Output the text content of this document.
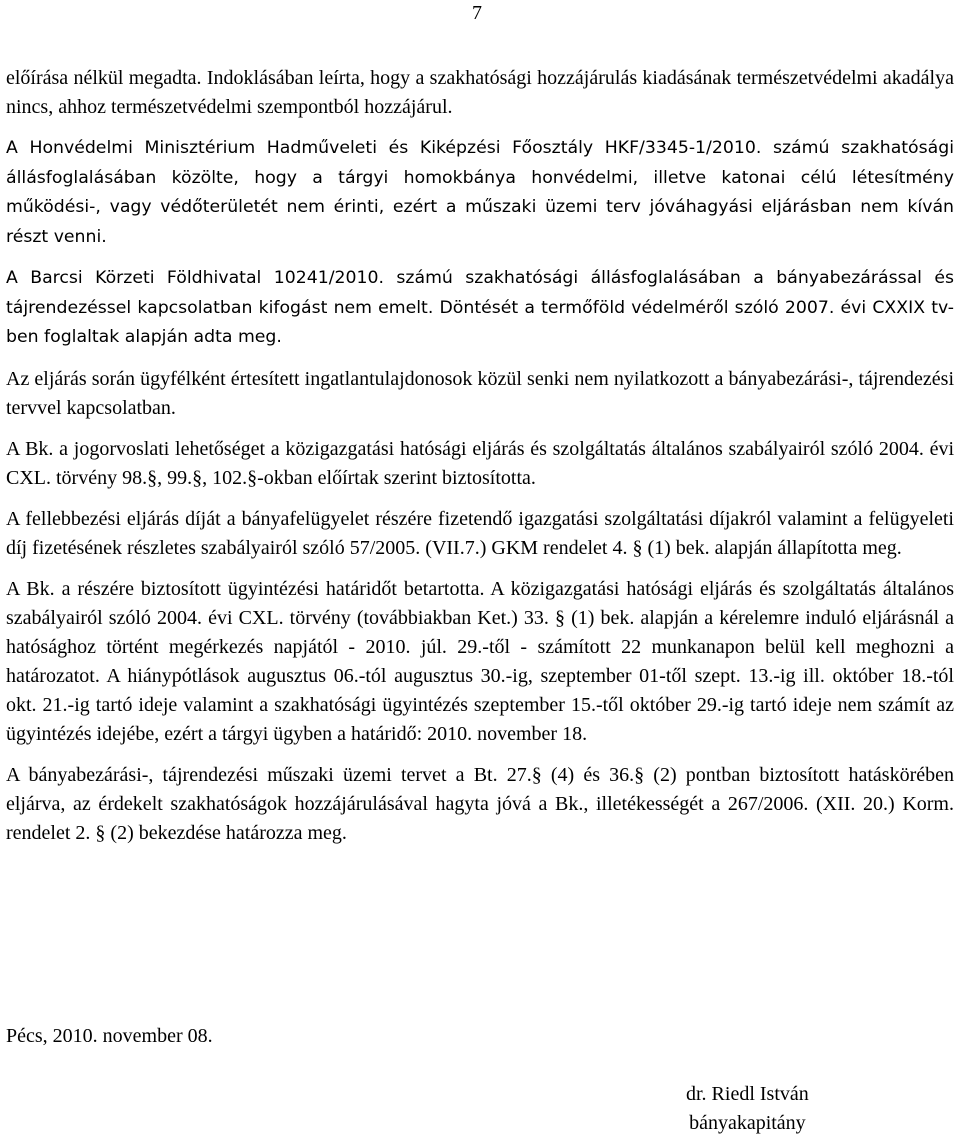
7

előírása nélkül megadta. Indoklásában leírta, hogy a szakhatósági hozzájárulás kiadásának természetvédelmi akadálya nincs, ahhoz természetvédelmi szempontból hozzájárul.

A Honvédelmi Minisztérium Hadműveleti és Kiképzési Főosztály HKF/3345-1/2010. számú szakhatósági állásfoglalásában közölte, hogy a tárgyi homokbánya honvédelmi, illetve katonai célú létesítmény működési-, vagy védőterületét nem érinti, ezért a műszaki üzemi terv jóváhagyási eljárásban nem kíván részt venni.

A Barcsi Körzeti Földhivatal 10241/2010. számú szakhatósági állásfoglalásában a bányabezárással és tájrendezéssel kapcsolatban kifogást nem emelt. Döntését a termőföld védelméről szóló 2007. évi CXXIX tv-ben foglaltak alapján adta meg.

Az eljárás során ügyfélként értesített ingatlantulajdonosok közül senki nem nyilatkozott a bányabezárási-, tájrendezési tervvel kapcsolatban.

A Bk. a jogorvoslati lehetőséget a közigazgatási hatósági eljárás és szolgáltatás általános szabályairól szóló 2004. évi CXL. törvény 98.§, 99.§, 102.§-okban előírtak szerint biztosította.

A fellebbezési eljárás díját a bányafelügyelet részére fizetendő igazgatási szolgáltatási díjakról valamint a felügyeleti díj fizetésének részletes szabályairól szóló 57/2005. (VII.7.) GKM rendelet 4. § (1) bek. alapján állapította meg.

A Bk. a részére biztosított ügyintézési határidőt betartotta. A közigazgatási hatósági eljárás és szolgáltatás általános szabályairól szóló 2004. évi CXL. törvény (továbbiakban Ket.) 33. § (1) bek. alapján a kérelemre induló eljárásnál a hatósághoz történt megérkezés napjától - 2010. júl. 29.-től - számított 22 munkanapon belül kell meghozni a határozatot. A hiánypótlások augusztus 06.-tól augusztus 30.-ig, szeptember 01-től szept. 13.-ig ill. október 18.-tól okt. 21.-ig tartó ideje valamint a szakhatósági ügyintézés szeptember 15.-től október 29.-ig tartó ideje nem számít az ügyintézés idejébe, ezért a tárgyi ügyben a határidő: 2010. november 18.

A bányabezárási-, tájrendezési műszaki üzemi tervet a Bt. 27.§ (4) és 36.§ (2) pontban biztosított hatáskörében eljárva, az érdekelt szakhatóságok hozzájárulásával hagyta jóvá a Bk., illetékességét a 267/2006. (XII. 20.) Korm. rendelet 2. § (2) bekezdése határozza meg.

Pécs, 2010. november 08.
dr. Riedl István
bányakapitány
